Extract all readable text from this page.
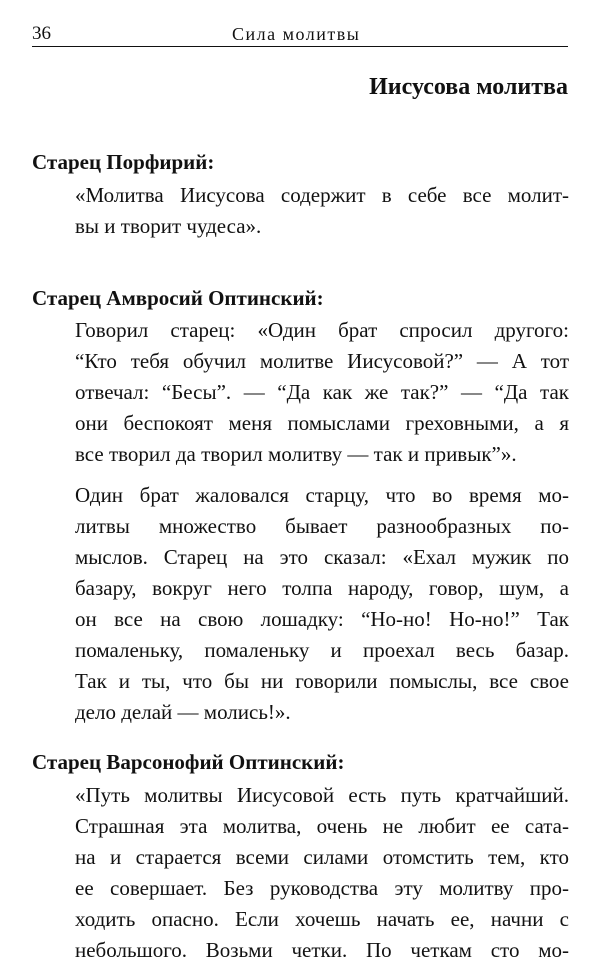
36	Сила молитвы
Иисусова молитва
Старец Порфирий:
«Молитва Иисусова содержит в себе все молит-
вы и творит чудеса».
Старец Амвросий Оптинский:
Говорил старец: «Один брат спросил другого:
“Кто тебя обучил молитве Иисусовой?” — А тот
отвечал: “Бесы”. — “Да как же так?” — “Да так
они беспокоят меня помыслами греховными, а я
все творил да творил молитву — так и привык”».
Один брат жаловался старцу, что во время мо-
литвы множество бывает разнообразных по-
мыслов. Старец на это сказал: «Ехал мужик по
базару, вокруг него толпа народу, говор, шум, а
он все на свою лошадку: “Но-но! Но-но!” Так
помаленьку, помаленьку и проехал весь базар.
Так и ты, что бы ни говорили помыслы, все свое
дело делай — молись!».
Старец Варсонофий Оптинский:
«Путь молитвы Иисусовой есть путь кратчайший.
Страшная эта молитва, очень не любит ее сата-
на и старается всеми силами отомстить тем, кто
ее совершает. Без руководства эту молитву про-
ходить опасно. Если хочешь начать ее, начни с
небольшого. Возьми четки. По четкам сто мо-
